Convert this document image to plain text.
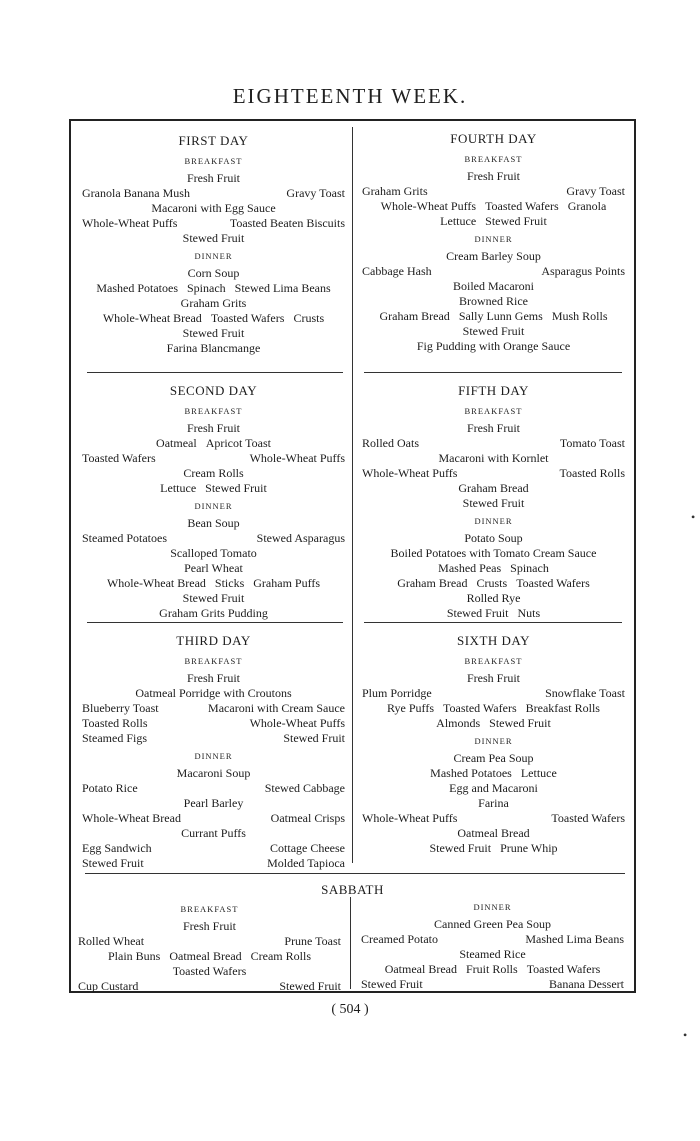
EIGHTEENTH WEEK.
FIRST DAY
BREAKFAST
Fresh Fruit
Granola Banana Mush	Gravy Toast
Macaroni with Egg Sauce
Whole-Wheat Puffs	Toasted Beaten Biscuits
Stewed Fruit
DINNER
Corn Soup
Mashed Potatoes Spinach Stewed Lima Beans
Graham Grits
Whole-Wheat Bread Toasted Wafers Crusts
Stewed Fruit
Farina Blancmange
SECOND DAY
BREAKFAST
Fresh Fruit
Oatmeal Apricot Toast
Toasted Wafers	Whole-Wheat Puffs
Cream Rolls
Lettuce Stewed Fruit
DINNER
Bean Soup
Steamed Potatoes	Stewed Asparagus
Scalloped Tomato
Pearl Wheat
Whole-Wheat Bread Sticks Graham Puffs
Stewed Fruit
Graham Grits Pudding
THIRD DAY
BREAKFAST
Fresh Fruit
Oatmeal Porridge with Croutons
Blueberry Toast	Macaroni with Cream Sauce
Toasted Rolls	Whole-Wheat Puffs
Steamed Figs	Stewed Fruit
DINNER
Macaroni Soup
Potato Rice	Stewed Cabbage
Pearl Barley
Whole-Wheat Bread	Oatmeal Crisps
Currant Puffs
Egg Sandwich	Cottage Cheese
Stewed Fruit	Molded Tapioca
FOURTH DAY
BREAKFAST
Fresh Fruit
Graham Grits	Gravy Toast
Whole-Wheat Puffs Toasted Wafers Granola
Lettuce Stewed Fruit
DINNER
Cream Barley Soup
Cabbage Hash	Asparagus Points
Boiled Macaroni
Browned Rice
Graham Bread Sally Lunn Gems Mush Rolls
Stewed Fruit
Fig Pudding with Orange Sauce
FIFTH DAY
BREAKFAST
Fresh Fruit
Rolled Oats	Tomato Toast
Macaroni with Kornlet
Whole-Wheat Puffs	Toasted Rolls
Graham Bread
Stewed Fruit
DINNER
Potato Soup
Boiled Potatoes with Tomato Cream Sauce
Mashed Peas Spinach
Graham Bread Crusts Toasted Wafers
Rolled Rye
Stewed Fruit Nuts
SIXTH DAY
BREAKFAST
Fresh Fruit
Plum Porridge	Snowflake Toast
Rye Puffs Toasted Wafers Breakfast Rolls
Almonds Stewed Fruit
DINNER
Cream Pea Soup
Mashed Potatoes Lettuce
Egg and Macaroni
Farina
Whole-Wheat Puffs	Toasted Wafers
Oatmeal Bread
Stewed Fruit Prune Whip
SABBATH
BREAKFAST
Fresh Fruit
Rolled Wheat	Prune Toast
Plain Buns Oatmeal Bread Cream Rolls
Toasted Wafers
Cup Custard	Stewed Fruit
DINNER
Canned Green Pea Soup
Creamed Potato	Mashed Lima Beans
Steamed Rice
Oatmeal Bread Fruit Rolls Toasted Wafers
Stewed Fruit	Banana Dessert
( 504 )
•
•
